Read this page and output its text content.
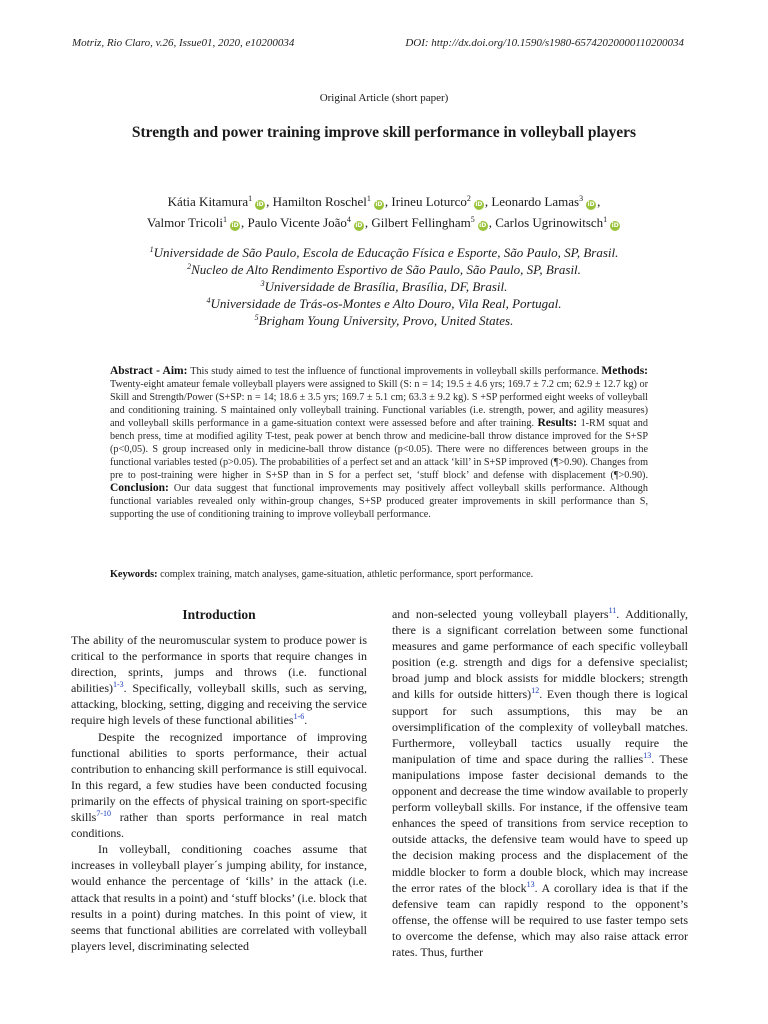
Motriz, Rio Claro, v.26, Issue01, 2020, e10200034	DOI: http://dx.doi.org/10.1590/s1980-65742020000110200034
Original Article (short paper)
Strength and power training improve skill performance in volleyball players
Kátia Kitamura$^1$iD , Hamilton Roschel$^1$iD , Irineu Loturco$^2$iD , Leonardo Lamas$^3$iD ,
Valmor Tricoli$^1$iD , Paulo Vicente João$^4$iD , Gilbert Fellingham$^5$iD , Carlos Ugrinowitsch$^1$iD
$^1$Universidade de São Paulo, Escola de Educação Física e Esporte, São Paulo, SP, Brasil.
$^2$Nucleo de Alto Rendimento Esportivo de São Paulo, São Paulo, SP, Brasil.
$^3$Universidade de Brasília, Brasília, DF, Brasil.
$^4$Universidade de Trás-os-Montes e Alto Douro, Vila Real, Portugal.
$^5$Brigham Young University, Provo, United States.
Abstract - Aim: This study aimed to test the influence of functional improvements in volleyball skills performance. Methods: Twenty-eight amateur female volleyball players were assigned to Skill (S: n = 14; 19.5 ± 4.6 yrs; 169.7 ± 7.2 cm; 62.9 ± 12.7 kg) or Skill and Strength/Power (S+SP: n = 14; 18.6 ± 3.5 yrs; 169.7 ± 5.1 cm; 63.3 ± 9.2 kg). S +SP performed eight weeks of volleyball and conditioning training. S maintained only volleyball training. Functional variables (i.e. strength, power, and agility measures) and volleyball skills performance in a game-situation context were assessed before and after training. Results: 1-RM squat and bench press, time at modified agility T-test, peak power at bench throw and medicine-ball throw distance improved for the S+SP (p<0,05). S group increased only in medicine-ball throw distance (p<0.05). There were no differences between groups in the functional variables tested (p>0.05). The probabilities of a perfect set and an attack ‘kill’ in S+SP improved (¶>0.90). Changes from pre to post-training were higher in S+SP than in S for a perfect set, ‘stuff block’ and defense with displacement (¶>0.90). Conclusion: Our data suggest that functional improvements may positively affect volleyball skills performance. Although functional variables revealed only within-group changes, S+SP produced greater improvements in skill performance than S, supporting the use of conditioning training to improve volleyball performance.
Keywords: complex training, match analyses, game-situation, athletic performance, sport performance.
Introduction

The ability of the neuromuscular system to produce power is critical to the performance in sports that require changes in direction, sprints, jumps and throws (i.e. functional abilities)$^{1-3}$. Specifically, volleyball skills, such as serving, attacking, blocking, setting, digging and receiving the service require high levels of these functional abilities$^{1-6}$.

Despite the recognized importance of improving functional abilities to sports performance, their actual contribution to enhancing skill performance is still equivocal. In this regard, a few studies have been conducted focusing primarily on the effects of physical training on sport-specific skills$^{7-10}$ rather than sports performance in real match conditions.

In volleyball, conditioning coaches assume that increases in volleyball player´s jumping ability, for instance, would enhance the percentage of ‘kills’ in the attack (i.e. attack that results in a point) and ‘stuff blocks’ (i.e. block that results in a point) during matches. In this point of view, it seems that functional abilities are correlated with volleyball players level, discriminating selected

and non-selected young volleyball players$^{11}$. Additionally, there is a significant correlation between some functional measures and game performance of each specific volleyball position (e.g. strength and digs for a defensive specialist; broad jump and block assists for middle blockers; strength and kills for outside hitters)$^{12}$. Even though there is logical support for such assumptions, this may be an oversimplification of the complexity of volleyball matches. Furthermore, volleyball tactics usually require the manipulation of time and space during the rallies$^{13}$. These manipulations impose faster decisional demands to the opponent and decrease the time window available to properly perform volleyball skills. For instance, if the offensive team enhances the speed of transitions from service reception to outside attacks, the defensive team would have to speed up the decision making process and the displacement of the middle blocker to form a double block, which may increase the error rates of the block$^{13}$. A corollary idea is that if the defensive team can rapidly respond to the opponent’s offense, the offense will be required to use faster tempo sets to overcome the defense, which may also raise attack error rates. Thus, further
